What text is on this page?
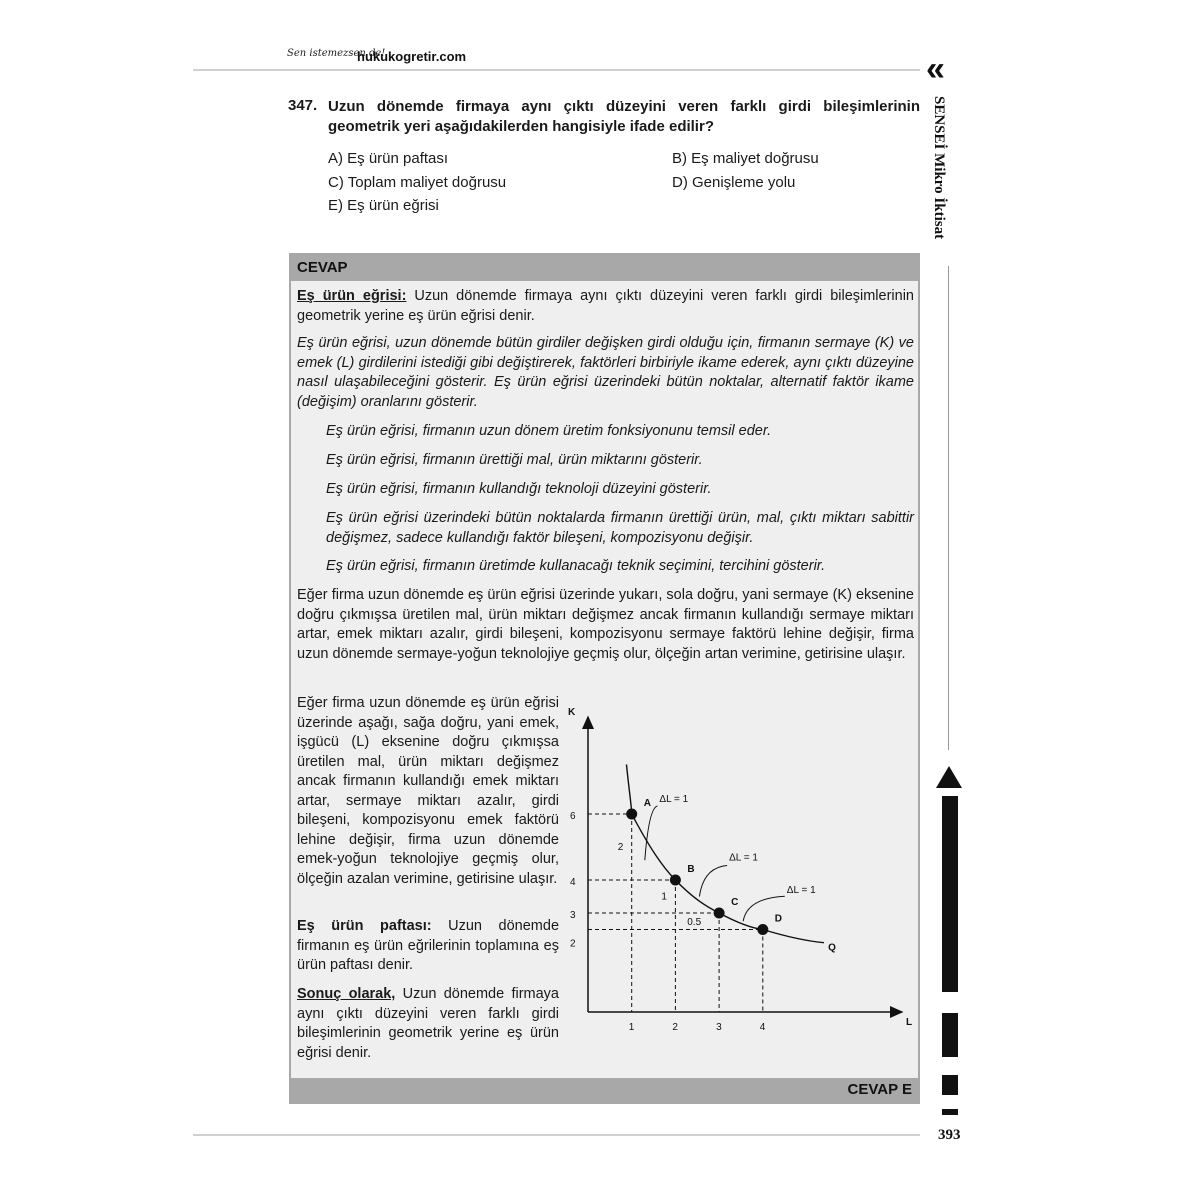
Sen istemezsen de!
hukukogretir.com	«
SENSEİ Mikro İktisat
347. Uzun dönemde firmaya aynı çıktı düzeyini veren farklı girdi bileşimlerinin geometrik yeri aşağıdakilerden hangisiyle ifade edilir?
A) Eş ürün paftası	B) Eş maliyet doğrusu
C) Toplam maliyet doğrusu	D) Genişleme yolu
E) Eş ürün eğrisi
CEVAP
Eş ürün eğrisi: Uzun dönemde firmaya aynı çıktı düzeyini veren farklı girdi bileşimlerinin geometrik yerine eş ürün eğrisi denir.
Eş ürün eğrisi, uzun dönemde bütün girdiler değişken girdi olduğu için, firmanın sermaye (K) ve emek (L) girdilerini istediği gibi değiştirerek, faktörleri birbiriyle ikame ederek, aynı çıktı düzeyine nasıl ulaşabileceğini gösterir. Eş ürün eğrisi üzerindeki bütün noktalar, alternatif faktör ikame (değişim) oranlarını gösterir.
Eş ürün eğrisi, firmanın uzun dönem üretim fonksiyonunu temsil eder.
Eş ürün eğrisi, firmanın ürettiği mal, ürün miktarını gösterir.
Eş ürün eğrisi, firmanın kullandığı teknoloji düzeyini gösterir.
Eş ürün eğrisi üzerindeki bütün noktalarda firmanın ürettiği ürün, mal, çıktı miktarı sabittir değişmez, sadece kullandığı faktör bileşeni, kompozisyonu değişir.
Eş ürün eğrisi, firmanın üretimde kullanacağı teknik seçimini, tercihini gösterir.
Eğer firma uzun dönemde eş ürün eğrisi üzerinde yukarı, sola doğru, yani sermaye (K) eksenine doğru çıkmışsa üretilen mal, ürün miktarı değişmez ancak firmanın kullandığı sermaye miktarı artar, emek miktarı azalır, girdi bileşeni, kompozisyonu sermaye faktörü lehine değişir, firma uzun dönemde sermaye-yoğun teknolojiye geçmiş olur, ölçeğin artan verimine, getirisine ulaşır.
Eğer firma uzun dönemde eş ürün eğrisi üzerinde aşağı, sağa doğru, yani emek, işgücü (L) eksenine doğru çıkmışsa üretilen mal, ürün miktarı değişmez ancak firmanın kullandığı emek miktarı artar, sermaye miktarı azalır, girdi bileşeni, kompozisyonu emek faktörü lehine değişir, firma uzun dönemde emek-yoğun teknolojiye geçmiş olur, ölçeğin azalan verimine, getirisine ulaşır.
Eş ürün paftası: Uzun dönemde firmanın eş ürün eğrilerinin toplamına eş ürün paftası denir.
Sonuç olarak, Uzun dönemde firmaya aynı çıktı düzeyini veren farklı girdi bileşimlerinin geometrik yerine eş ürün eğrisi denir.
K
L
Q
A
1
B
2
C
3
D
4
6
4
3
2
2
1
0.5
ΔL = 1
ΔL = 1
ΔL = 1
CEVAP E
393
